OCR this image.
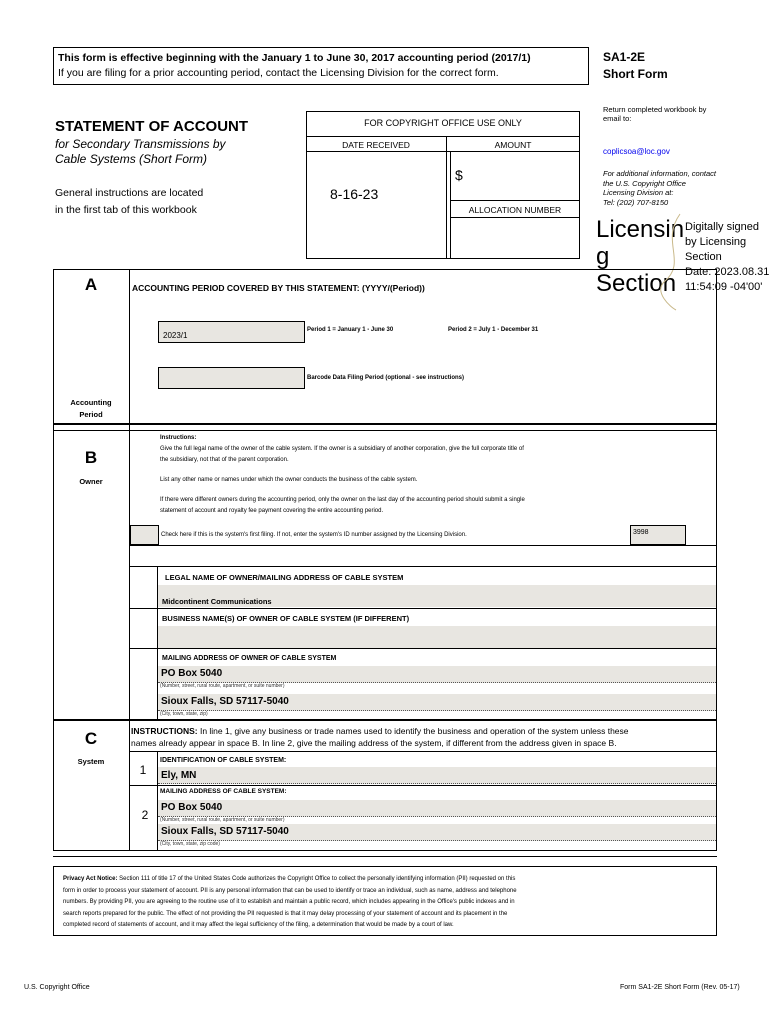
This form is effective beginning with the January 1 to June 30, 2017 accounting period (2017/1)
If you are filing for a prior accounting period, contact the Licensing Division for the correct form.
SA1-2E
Short Form
Return completed workbook by email to:
coplicsoa@loc.gov
For additional information, contact the U.S. Copyright Office Licensing Division at:
Tel: (202) 707-8150
STATEMENT OF ACCOUNT
for Secondary Transmissions by
Cable Systems (Short Form)
General instructions are located
in the first tab of this workbook
FOR COPYRIGHT OFFICE USE ONLY
DATE RECEIVED	AMOUNT
8-16-23
$
ALLOCATION NUMBER
Licensin
g
Section
Digitally signed
by Licensing
Section
Date: 2023.08.31
11:54:09 -04'00'
A
Accounting
Period
ACCOUNTING PERIOD COVERED BY THIS STATEMENT: (YYYY/(Period))
2023/1
Period 1 = January 1 - June 30	Period 2 = July 1 - December 31
Barcode Data Filing Period (optional - see instructions)
B
Owner
Instructions:
Give the full legal name of the owner of the cable system. If the owner is a subsidiary of another corporation, give the full corporate title of
the subsidiary, not that of the parent corporation.
List any other name or names under which the owner conducts the business of the cable system.
If there were different owners during the accounting period, only the owner on the last day of the accounting period should submit a single
statement of account and royalty fee payment covering the entire accounting period.
Check here if this is the system's first filing. If not, enter the system's ID number assigned by the Licensing Division.	3998
LEGAL NAME OF OWNER/MAILING ADDRESS OF CABLE SYSTEM
Midcontinent Communications
BUSINESS NAME(S) OF OWNER OF CABLE SYSTEM (IF DIFFERENT)
MAILING ADDRESS OF OWNER OF CABLE SYSTEM
PO Box 5040
(Number, street, rural route, apartment, or suite number)
Sioux Falls, SD 57117-5040
(City, town, state, zip)
C
System
INSTRUCTIONS: In line 1, give any business or trade names used to identify the business and operation of the system unless these
names already appear in space B. In line 2, give the mailing address of the system, if different from the address given in space B.
1
IDENTIFICATION OF CABLE SYSTEM:
Ely, MN
MAILING ADDRESS OF CABLE SYSTEM:
2
PO Box 5040
(Number, street, rural route, apartment, or suite number)
Sioux Falls, SD 57117-5040
(City, town, state, zip code)
Privacy Act Notice: Section 111 of title 17 of the United States Code authorizes the Copyright Office to collect the personally identifying information (PII) requested on this
form in order to process your statement of account. PII is any personal information that can be used to identify or trace an individual, such as name, address and telephone
numbers. By providing PII, you are agreeing to the routine use of it to establish and maintain a public record, which includes appearing in the Office's public indexes and in
search reports prepared for the public. The effect of not providing the PII requested is that it may delay processing of your statement of account and its placement in the
completed record of statements of account, and it may affect the legal sufficiency of the filing, a determination that would be made by a court of law.
U.S. Copyright Office	Form SA1-2E Short Form (Rev. 05-17)
